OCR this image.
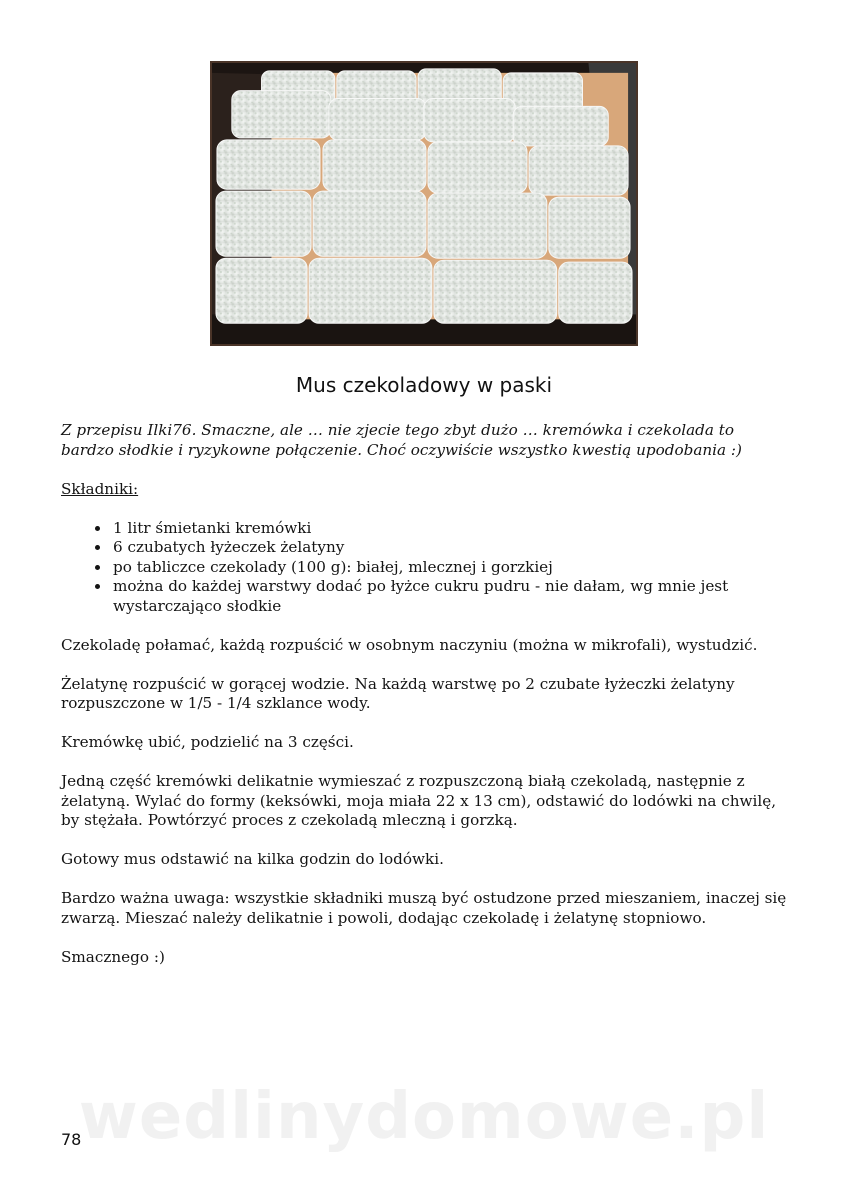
Mus czekoladowy w paski

Z przepisu Ilki76. Smaczne, ale … nie zjecie tego zbyt dużo … kremówka i czekolada to bardzo słodkie i ryzykowne połączenie. Choć oczywiście wszystko kwestią upodobania :)

Składniki:

• 1 litr śmietanki kremówki
• 6 czubatych łyżeczek żelatyny
• po tabliczce czekolady (100 g): białej, mlecznej i gorzkiej
• można do każdej warstwy dodać po łyżce cukru pudru - nie dałam, wg mnie jest wystarczająco słodkie

Czekoladę połamać, każdą rozpuścić w osobnym naczyniu (można w mikrofali), wystudzić.

Żelatynę rozpuścić w gorącej wodzie. Na każdą warstwę po 2 czubate łyżeczki żelatyny rozpuszczone w 1/5 - 1/4 szklance wody.

Kremówkę ubić, podzielić na 3 części.

Jedną część kremówki delikatnie wymieszać z rozpuszczoną białą czekoladą, następnie z żelatyną. Wylać do formy (keksówki, moja miała 22 x 13 cm), odstawić do lodówki na chwilę, by stężała. Powtórzyć proces z czekoladą mleczną i gorzką.

Gotowy mus odstawić na kilka godzin do lodówki.

Bardzo ważna uwaga: wszystkie składniki muszą być ostudzone przed mieszaniem, inaczej się zwarzą. Mieszać należy delikatnie i powoli, dodając czekoladę i żelatynę stopniowo.

Smacznego :)

wedlinydomowe.pl
78
